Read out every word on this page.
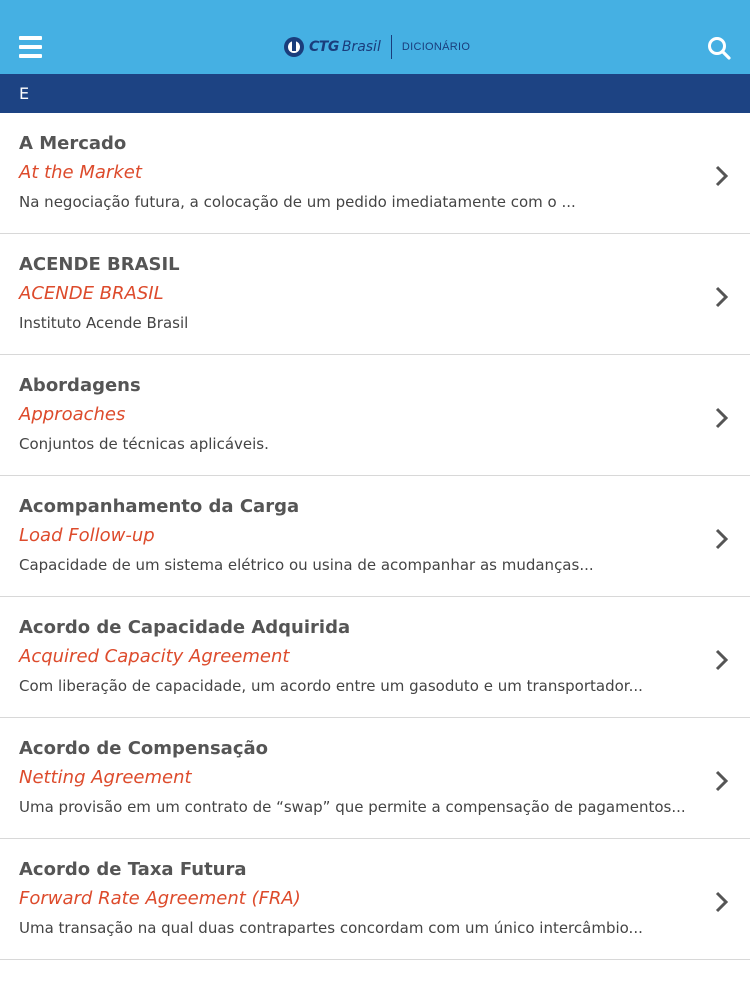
CTG Brasil DICIONÁRIO
E
A Mercado
At the Market
Na negociação futura, a colocação de um pedido imediatamente com o ...
ACENDE BRASIL
ACENDE BRASIL
Instituto Acende Brasil
Abordagens
Approaches
Conjuntos de técnicas aplicáveis.
Acompanhamento da Carga
Load Follow-up
Capacidade de um sistema elétrico ou usina de acompanhar as mudanças...
Acordo de Capacidade Adquirida
Acquired Capacity Agreement
Com liberação de capacidade, um acordo entre um gasoduto e um transportador...
Acordo de Compensação
Netting Agreement
Uma provisão em um contrato de “swap” que permite a compensação de pagamentos...
Acordo de Taxa Futura
Forward Rate Agreement (FRA)
Uma transação na qual duas contrapartes concordam com um único intercâmbio...
